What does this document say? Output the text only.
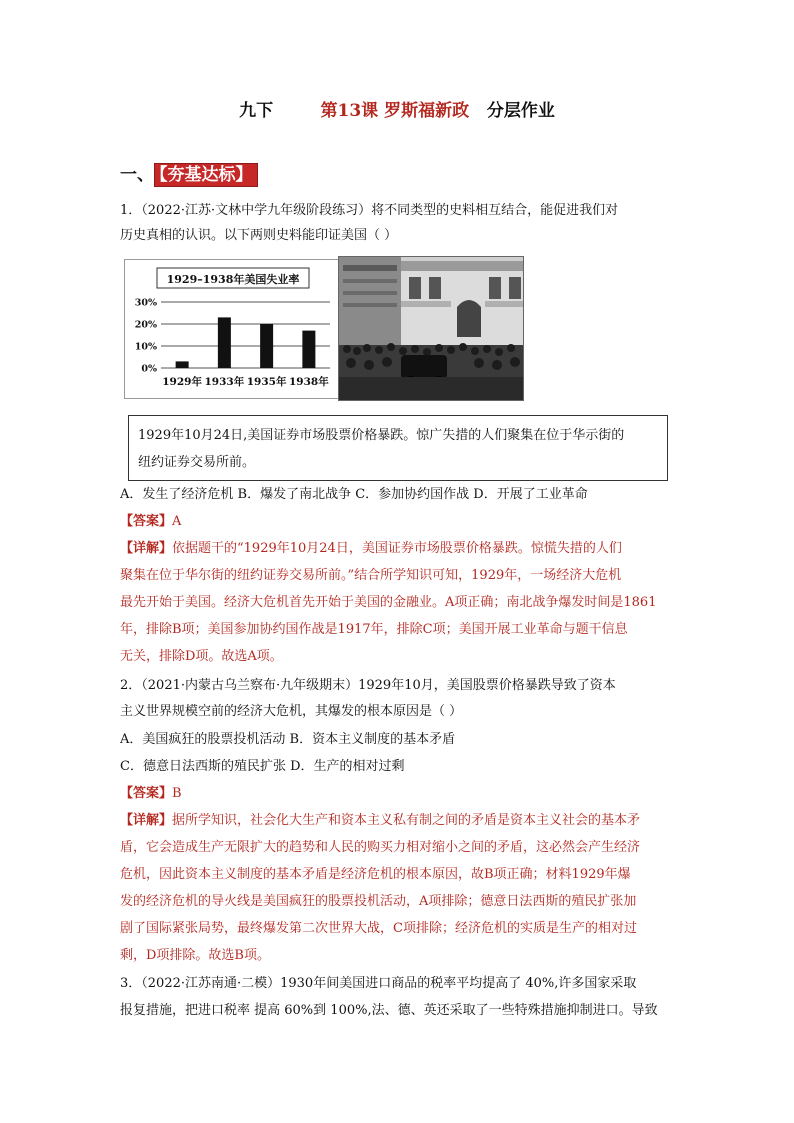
九下	第13课 罗斯福新政 分层作业
一、 【夯基达标】
1．（2022·江苏·文林中学九年级阶段练习）将不同类型的史料相互结合，能促进我们对
历史真相的认识。以下两则史料能印证美国（ ）
1929–1938年美国失业率
30%
20%
10%
0%
1929年 1933年 1935年 1938年
1929年10月24日,美国证券市场股票价格暴跌。惊广失措的人们聚集在位于华示街的
纽约证券交易所前。
A．发生了经济危机 B．爆发了南北战争 C．参加协约国作战 D．开展了工业革命
【答案】A
【详解】依据题干的“1929年10月24日，美国证券市场股票价格暴跌。惊慌失措的人们
聚集在位于华尔街的纽约证券交易所前。”结合所学知识可知，1929年，一场经济大危机
最先开始于美国。经济大危机首先开始于美国的金融业。A项正确；南北战争爆发时间是1861
年，排除B项；美国参加协约国作战是1917年，排除C项；美国开展工业革命与题干信息
无关，排除D项。故选A项。
2．（2021·内蒙古乌兰察布·九年级期末）1929年10月，美国股票价格暴跌导致了资本
主义世界规模空前的经济大危机，其爆发的根本原因是（ ）
A．美国疯狂的股票投机活动 B．资本主义制度的基本矛盾
C．德意日法西斯的殖民扩张 D．生产的相对过剩
【答案】B
【详解】据所学知识，社会化大生产和资本主义私有制之间的矛盾是资本主义社会的基本矛
盾，它会造成生产无限扩大的趋势和人民的购买力相对缩小之间的矛盾，这必然会产生经济
危机，因此资本主义制度的基本矛盾是经济危机的根本原因，故B项正确；材料1929年爆
发的经济危机的导火线是美国疯狂的股票投机活动，A项排除；德意日法西斯的殖民扩张加
剧了国际紧张局势，最终爆发第二次世界大战，C项排除；经济危机的实质是生产的相对过
剩，D项排除。故选B项。
3．（2022·江苏南通·二模）1930年间美国进口商品的税率平均提高了 40%,许多国家采取
报复措施，把进口税率 提高 60%到 100%,法、德、英还采取了一些特殊措施抑制进口。导致
